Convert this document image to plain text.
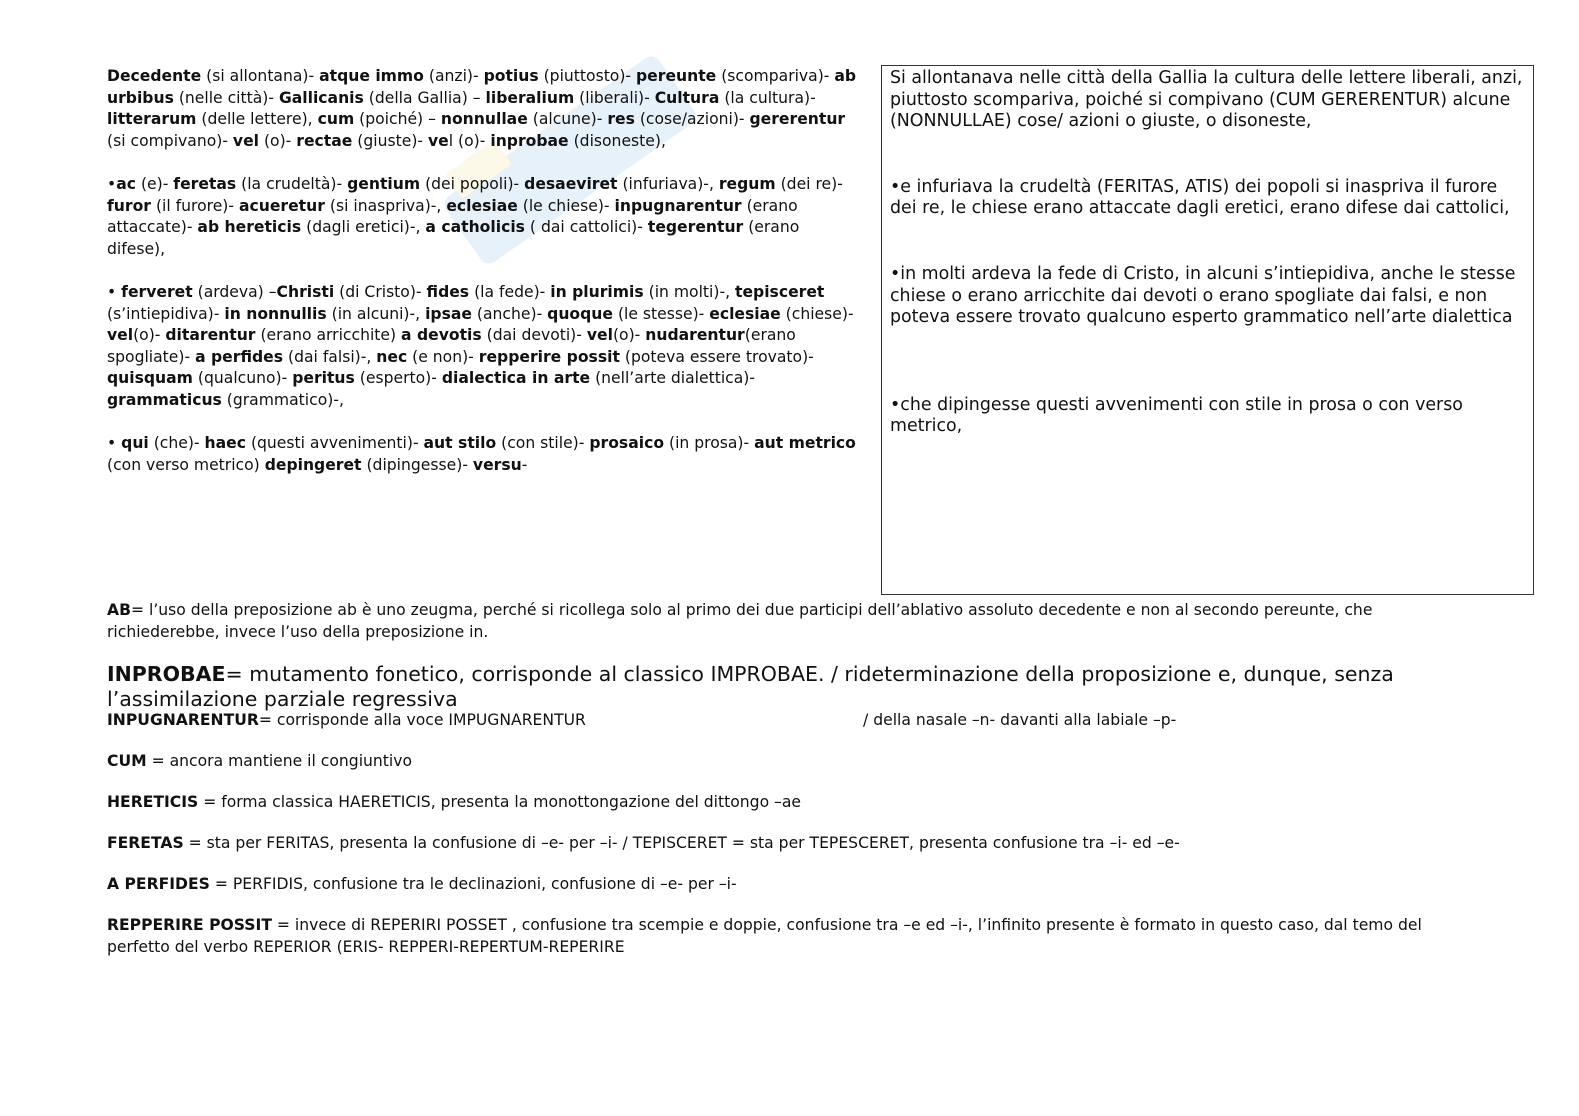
Decedente (si allontana)- atque immo (anzi)- potius (piuttosto)- pereunte (scompariva)- ab urbibus (nelle città)- Gallicanis (della Gallia) – liberalium (liberali)- Cultura (la cultura)- litterarum (delle lettere), cum (poiché) – nonnullae (alcune)- res (cose/azioni)- gererentur (si compivano)- vel (o)- rectae (giuste)- vel (o)- inprobae (disoneste),

•ac (e)- feretas (la crudeltà)- gentium (dei popoli)- desaeviret (infuriava)-, regum (dei re)- furor (il furore)- acueretur (si inaspriva)-, eclesiae (le chiese)- inpugnarentur (erano attaccate)- ab hereticis (dagli eretici)-, a catholicis ( dai cattolici)- tegerentur (erano difese),

• ferveret (ardeva) –Christi (di Cristo)- fides (la fede)- in plurimis (in molti)-, tepisceret (s’intiepidiva)- in nonnullis (in alcuni)-, ipsae (anche)- quoque (le stesse)- eclesiae (chiese)- vel(o)- ditarentur (erano arricchite) a devotis (dai devoti)- vel(o)- nudarentur(erano spogliate)- a perfides (dai falsi)-, nec (e non)- repperire possit (poteva essere trovato)- quisquam (qualcuno)- peritus (esperto)- dialectica in arte (nell’arte dialettica)- grammaticus (grammatico)-,

• qui (che)- haec (questi avvenimenti)- aut stilo (con stile)- prosaico (in prosa)- aut metrico (con verso metrico) depingeret (dipingesse)- versu-

Si allontanava nelle città della Gallia la cultura delle lettere liberali, anzi, piuttosto scompariva, poiché si compivano (CUM GERERENTUR) alcune (NONNULLAE) cose/ azioni o giuste, o disoneste,

•e infuriava la crudeltà (FERITAS, ATIS) dei popoli si inaspriva il furore dei re, le chiese erano attaccate dagli eretici, erano difese dai cattolici,

•in molti ardeva la fede di Cristo, in alcuni s’intiepidiva, anche le stesse chiese o erano arricchite dai devoti o erano spogliate dai falsi, e non poteva essere trovato qualcuno esperto grammatico nell’arte dialettica

•che dipingesse questi avvenimenti con stile in prosa o con verso metrico,

AB= l’uso della preposizione ab è uno zeugma, perché si ricollega solo al primo dei due participi dell’ablativo assoluto decedente e non al secondo pereunte, che richiederebbe, invece l’uso della preposizione in.
INPROBAE= mutamento fonetico, corrisponde al classico IMPROBAE. / rideterminazione della proposizione e, dunque, senza l’assimilazione parziale regressiva
INPUGNARENTUR= corrisponde alla voce IMPUGNARENTUR	/ della nasale –n- davanti alla labiale –p-
CUM = ancora mantiene il congiuntivo
HERETICIS = forma classica HAERETICIS, presenta la monottongazione del dittongo –ae
FERETAS = sta per FERITAS, presenta la confusione di –e- per –i- / TEPISCERET = sta per TEPESCERET, presenta confusione tra –i- ed –e-
A PERFIDES = PERFIDIS, confusione tra le declinazioni, confusione di –e- per –i-
REPPERIRE POSSIT = invece di REPERIRI POSSET , confusione tra scempie e doppie, confusione tra –e ed –i-, l’infinito presente è formato in questo caso, dal temo del perfetto del verbo REPERIOR (ERIS- REPPERI-REPERTUM-REPERIRE
